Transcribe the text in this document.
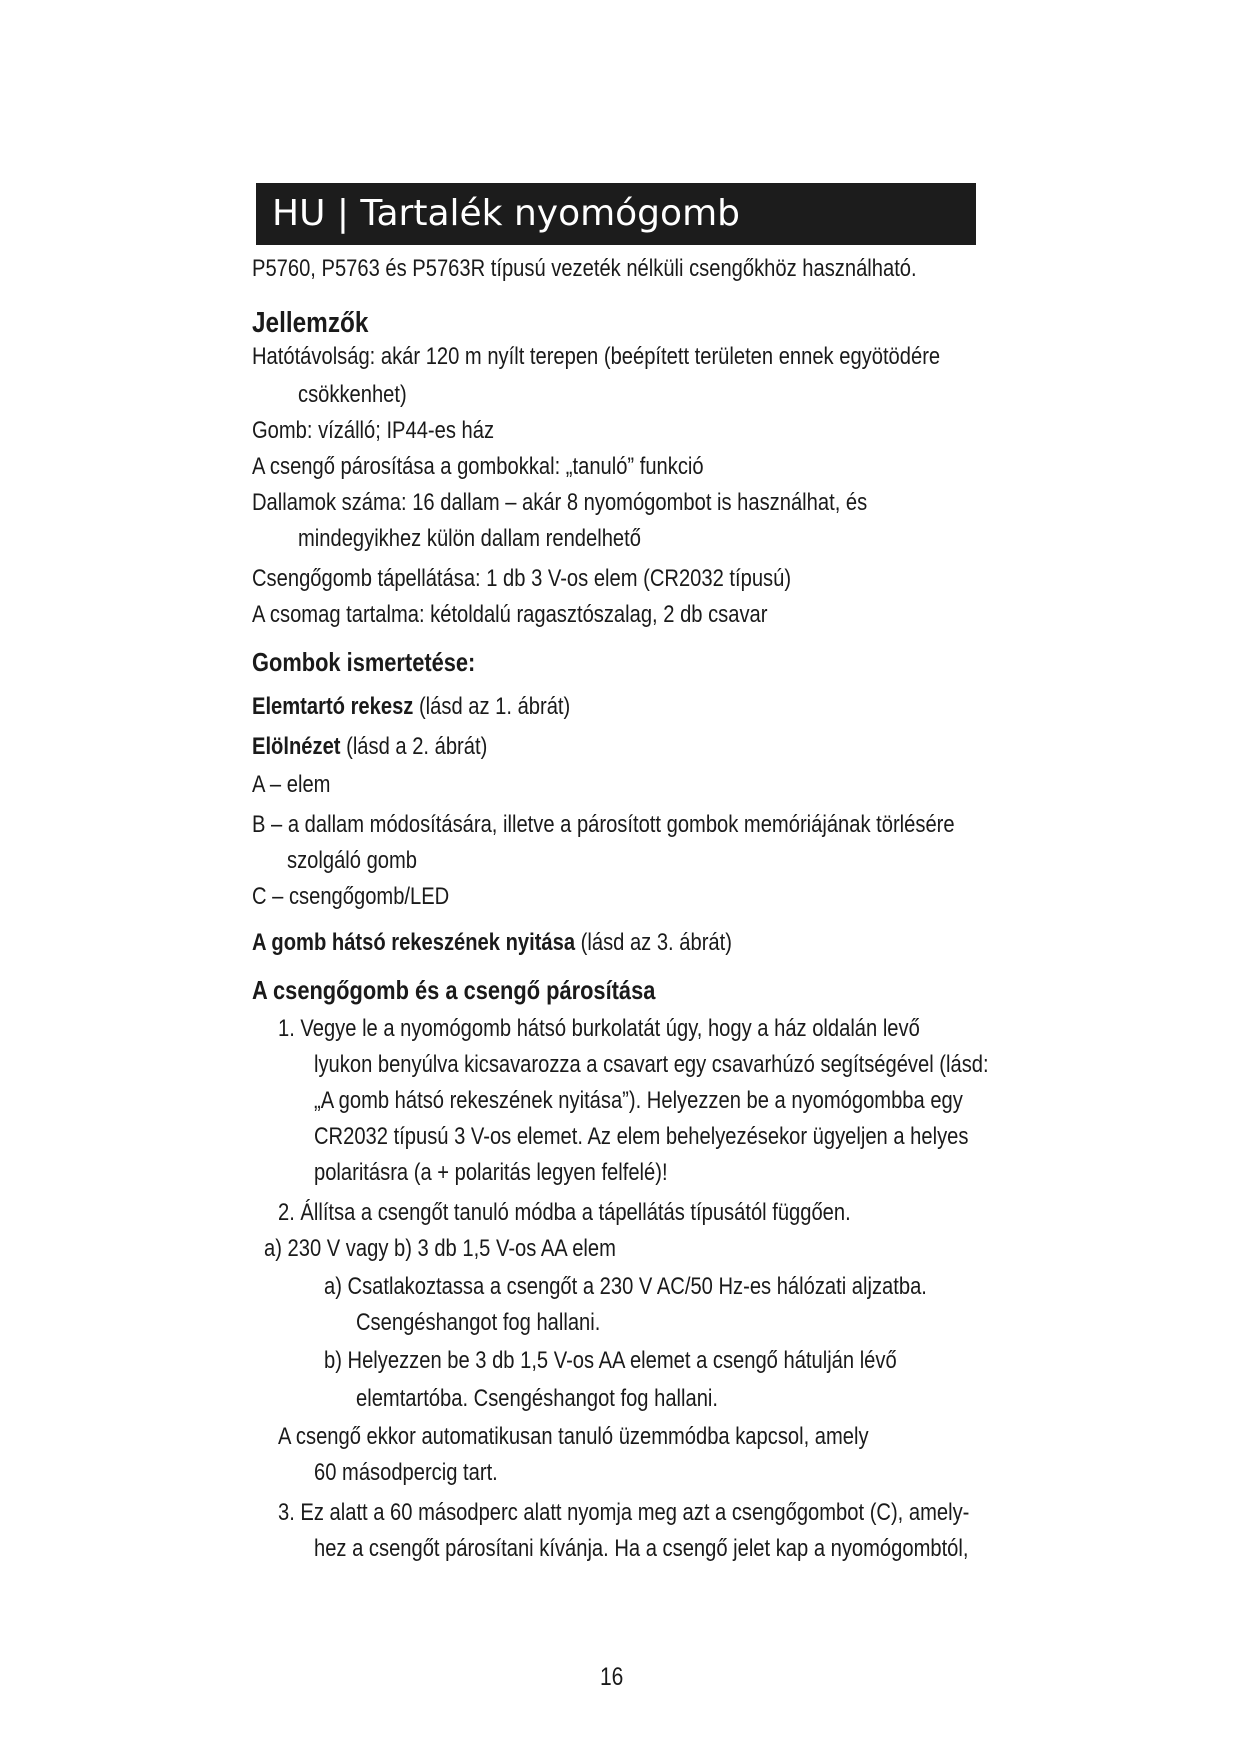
HU | Tartalék nyomógomb
P5760, P5763 és P5763R típusú vezeték nélküli csengőkhöz használható.
Jellemzők
Hatótávolság: akár 120 m nyílt terepen (beépített területen ennek egyötödére
csökkenhet)
Gomb: vízálló; IP44-es ház
A csengő párosítása a gombokkal: „tanuló” funkció
Dallamok száma: 16 dallam – akár 8 nyomógombot is használhat, és
mindegyikhez külön dallam rendelhető
Csengőgomb tápellátása: 1 db 3 V-os elem (CR2032 típusú)
A csomag tartalma: kétoldalú ragasztószalag, 2 db csavar
Gombok ismertetése:
Elemtartó rekesz (lásd az 1. ábrát)
Elölnézet (lásd a 2. ábrát)
A – elem
B – a dallam módosítására, illetve a párosított gombok memóriájának törlésére
szolgáló gomb
C – csengőgomb/LED
A gomb hátsó rekeszének nyitása (lásd az 3. ábrát)
A csengőgomb és a csengő párosítása
1. Vegye le a nyomógomb hátsó burkolatát úgy, hogy a ház oldalán levő
lyukon benyúlva kicsavarozza a csavart egy csavarhúzó segítségével (lásd:
„A gomb hátsó rekeszének nyitása”). Helyezzen be a nyomógombba egy
CR2032 típusú 3 V-os elemet. Az elem behelyezésekor ügyeljen a helyes
polaritásra (a + polaritás legyen felfelé)!
2. Állítsa a csengőt tanuló módba a tápellátás típusától függően.
a) 230 V vagy b) 3 db 1,5 V-os AA elem
a) Csatlakoztassa a csengőt a 230 V AC/50 Hz-es hálózati aljzatba.
Csengéshangot fog hallani.
b) Helyezzen be 3 db 1,5 V-os AA elemet a csengő hátulján lévő
elemtartóba. Csengéshangot fog hallani.
A csengő ekkor automatikusan tanuló üzemmódba kapcsol, amely
60 másodpercig tart.
3. Ez alatt a 60 másodperc alatt nyomja meg azt a csengőgombot (C), amely-
hez a csengőt párosítani kívánja. Ha a csengő jelet kap a nyomógombtól,
16
